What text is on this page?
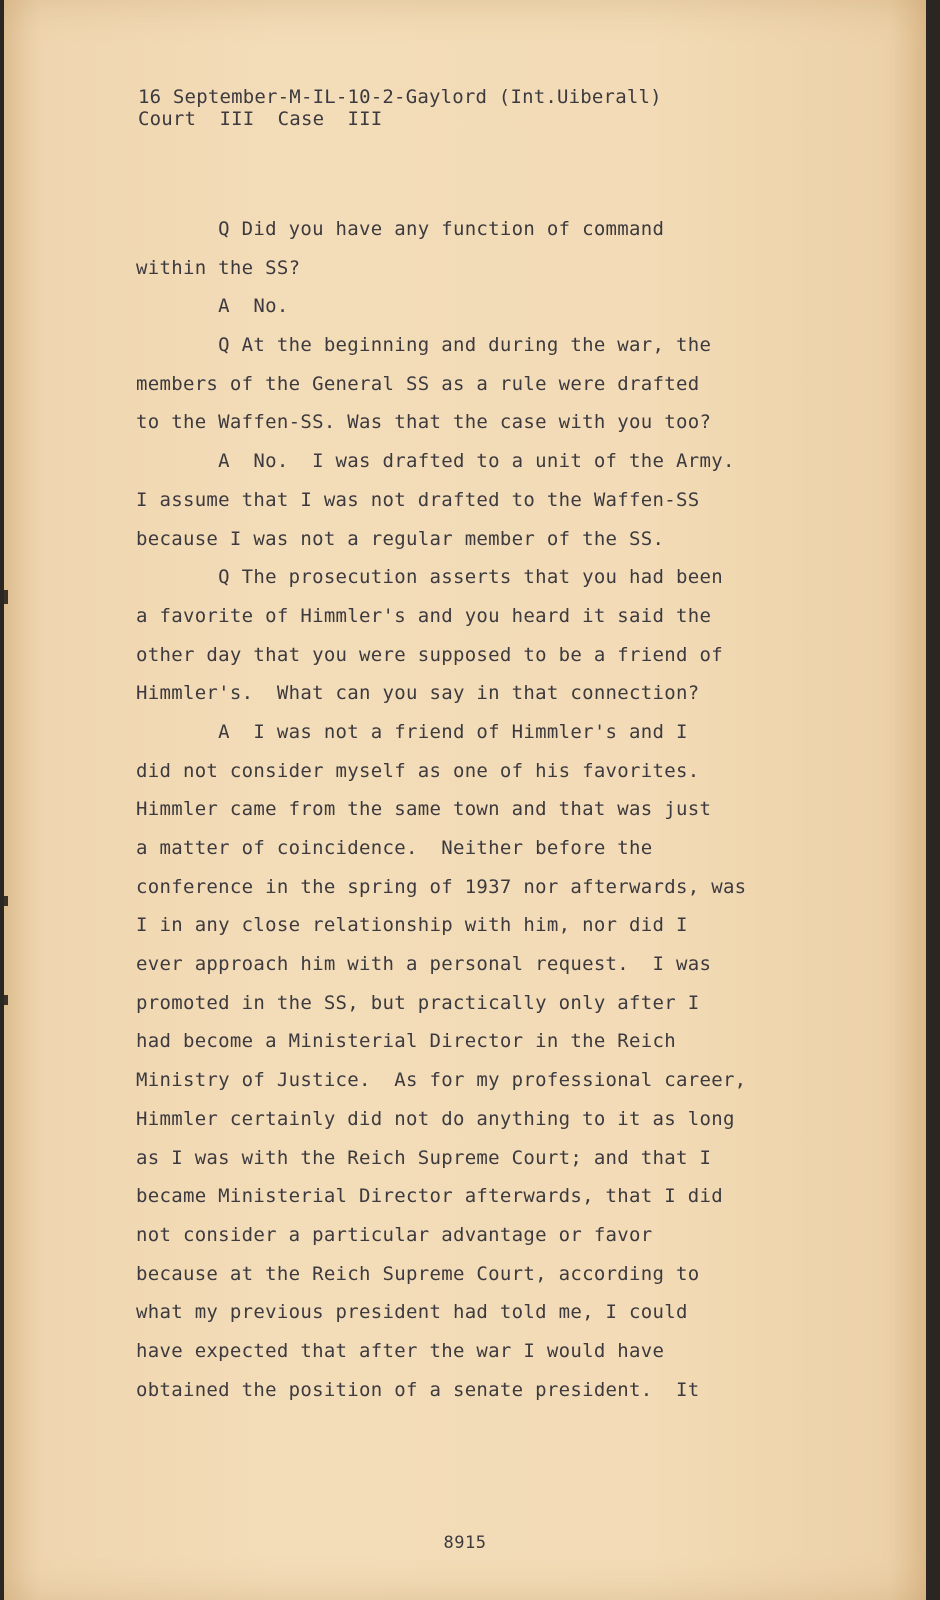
16 September-M-IL-10-2-Gaylord (Int.Uiberall)
Court  III  Case  III
Q Did you have any function of command
within the SS?
A  No.
Q At the beginning and during the war, the
members of the General SS as a rule were drafted
to the Waffen-SS. Was that the case with you too?
A  No.  I was drafted to a unit of the Army.
I assume that I was not drafted to the Waffen-SS
because I was not a regular member of the SS.
Q The prosecution asserts that you had been
a favorite of Himmler's and you heard it said the
other day that you were supposed to be a friend of
Himmler's.  What can you say in that connection?
A  I was not a friend of Himmler's and I
did not consider myself as one of his favorites.
Himmler came from the same town and that was just
a matter of coincidence.  Neither before the
conference in the spring of 1937 nor afterwards, was
I in any close relationship with him, nor did I
ever approach him with a personal request.  I was
promoted in the SS, but practically only after I
had become a Ministerial Director in the Reich
Ministry of Justice.  As for my professional career,
Himmler certainly did not do anything to it as long
as I was with the Reich Supreme Court; and that I
became Ministerial Director afterwards, that I did
not consider a particular advantage or favor
because at the Reich Supreme Court, according to
what my previous president had told me, I could
have expected that after the war I would have
obtained the position of a senate president.  It
8915
